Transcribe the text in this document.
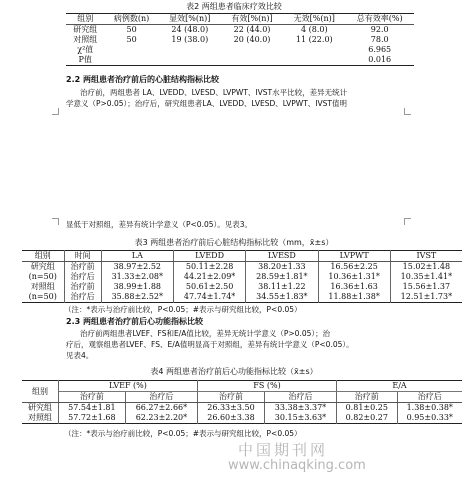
表2 两组患者临床疗效比较
组别	病例数(n)	显效[%(n)]	有效[%(n)]	无效[%(n)]	总有效率(%)
研究组	50	24 (48.0)	22 (44.0)	4 (8.0)	92.0
对照组	50	19 (38.0)	20 (40.0)	11 (22.0)	78.0
χ²值					6.965
P值					0.016
2.2 两组患者治疗前后的心脏结构指标比较
治疗前，两组患者 LA、LVEDD、LVESD、LVPWT、IVST水平比较，差异无统计
学意义（P>0.05）；治疗后，研究组患者LA、LVEDD、LVESD、LVPWT、IVST值明
显低于对照组，差异有统计学意义（P<0.05）。见表3。
表3 两组患者治疗前后心脏结构指标比较（mm，x̄±s）
组别	时间	LA	LVEDD	LVESD	LVPWT	IVST
研究组	治疗前	38.97±2.52	50.11±2.28	38.20±1.33	16.56±2.25	15.02±1.48
(n=50)	治疗后	31.33±2.08*	44.21±2.09*	28.59±1.81*	10.36±1.31*	10.35±1.41*
对照组	治疗前	38.99±1.88	50.61±2.50	38.11±1.22	16.36±1.63	15.56±1.37
(n=50)	治疗后	35.88±2.52*	47.74±1.74*	34.55±1.83*	11.88±1.38*	12.51±1.73*
（注：*表示与治疗前比较，P<0.05；#表示与研究组比较，P<0.05）
2.3 两组患者治疗前后心功能指标比较
治疗前两组患者LVEF、FS和E/A值比较，差异无统计学意义（P>0.05）；治
疗后，观察组患者LVEF、FS、E/A值明显高于对照组，差异有统计学意义（P<0.05）。
见表4。
表4 两组患者治疗前后心功能指标比较（x̄±s）
组别	LVEF (%)		FS (%)		E/A	
	治疗前	治疗后	治疗前	治疗后	治疗前	治疗后
研究组	57.54±1.81	66.27±2.66*	26.33±3.50	33.38±3.37*	0.81±0.25	1.38±0.38*
对照组	57.72±1.68	62.23±2.20*	26.60±3.38	30.15±3.63*	0.82±0.27	0.95±0.33*
（注：*表示与治疗前比较，P<0.05；#表示与研究组比较，P<0.05）
中国期刊网
www.chinaqking.com
